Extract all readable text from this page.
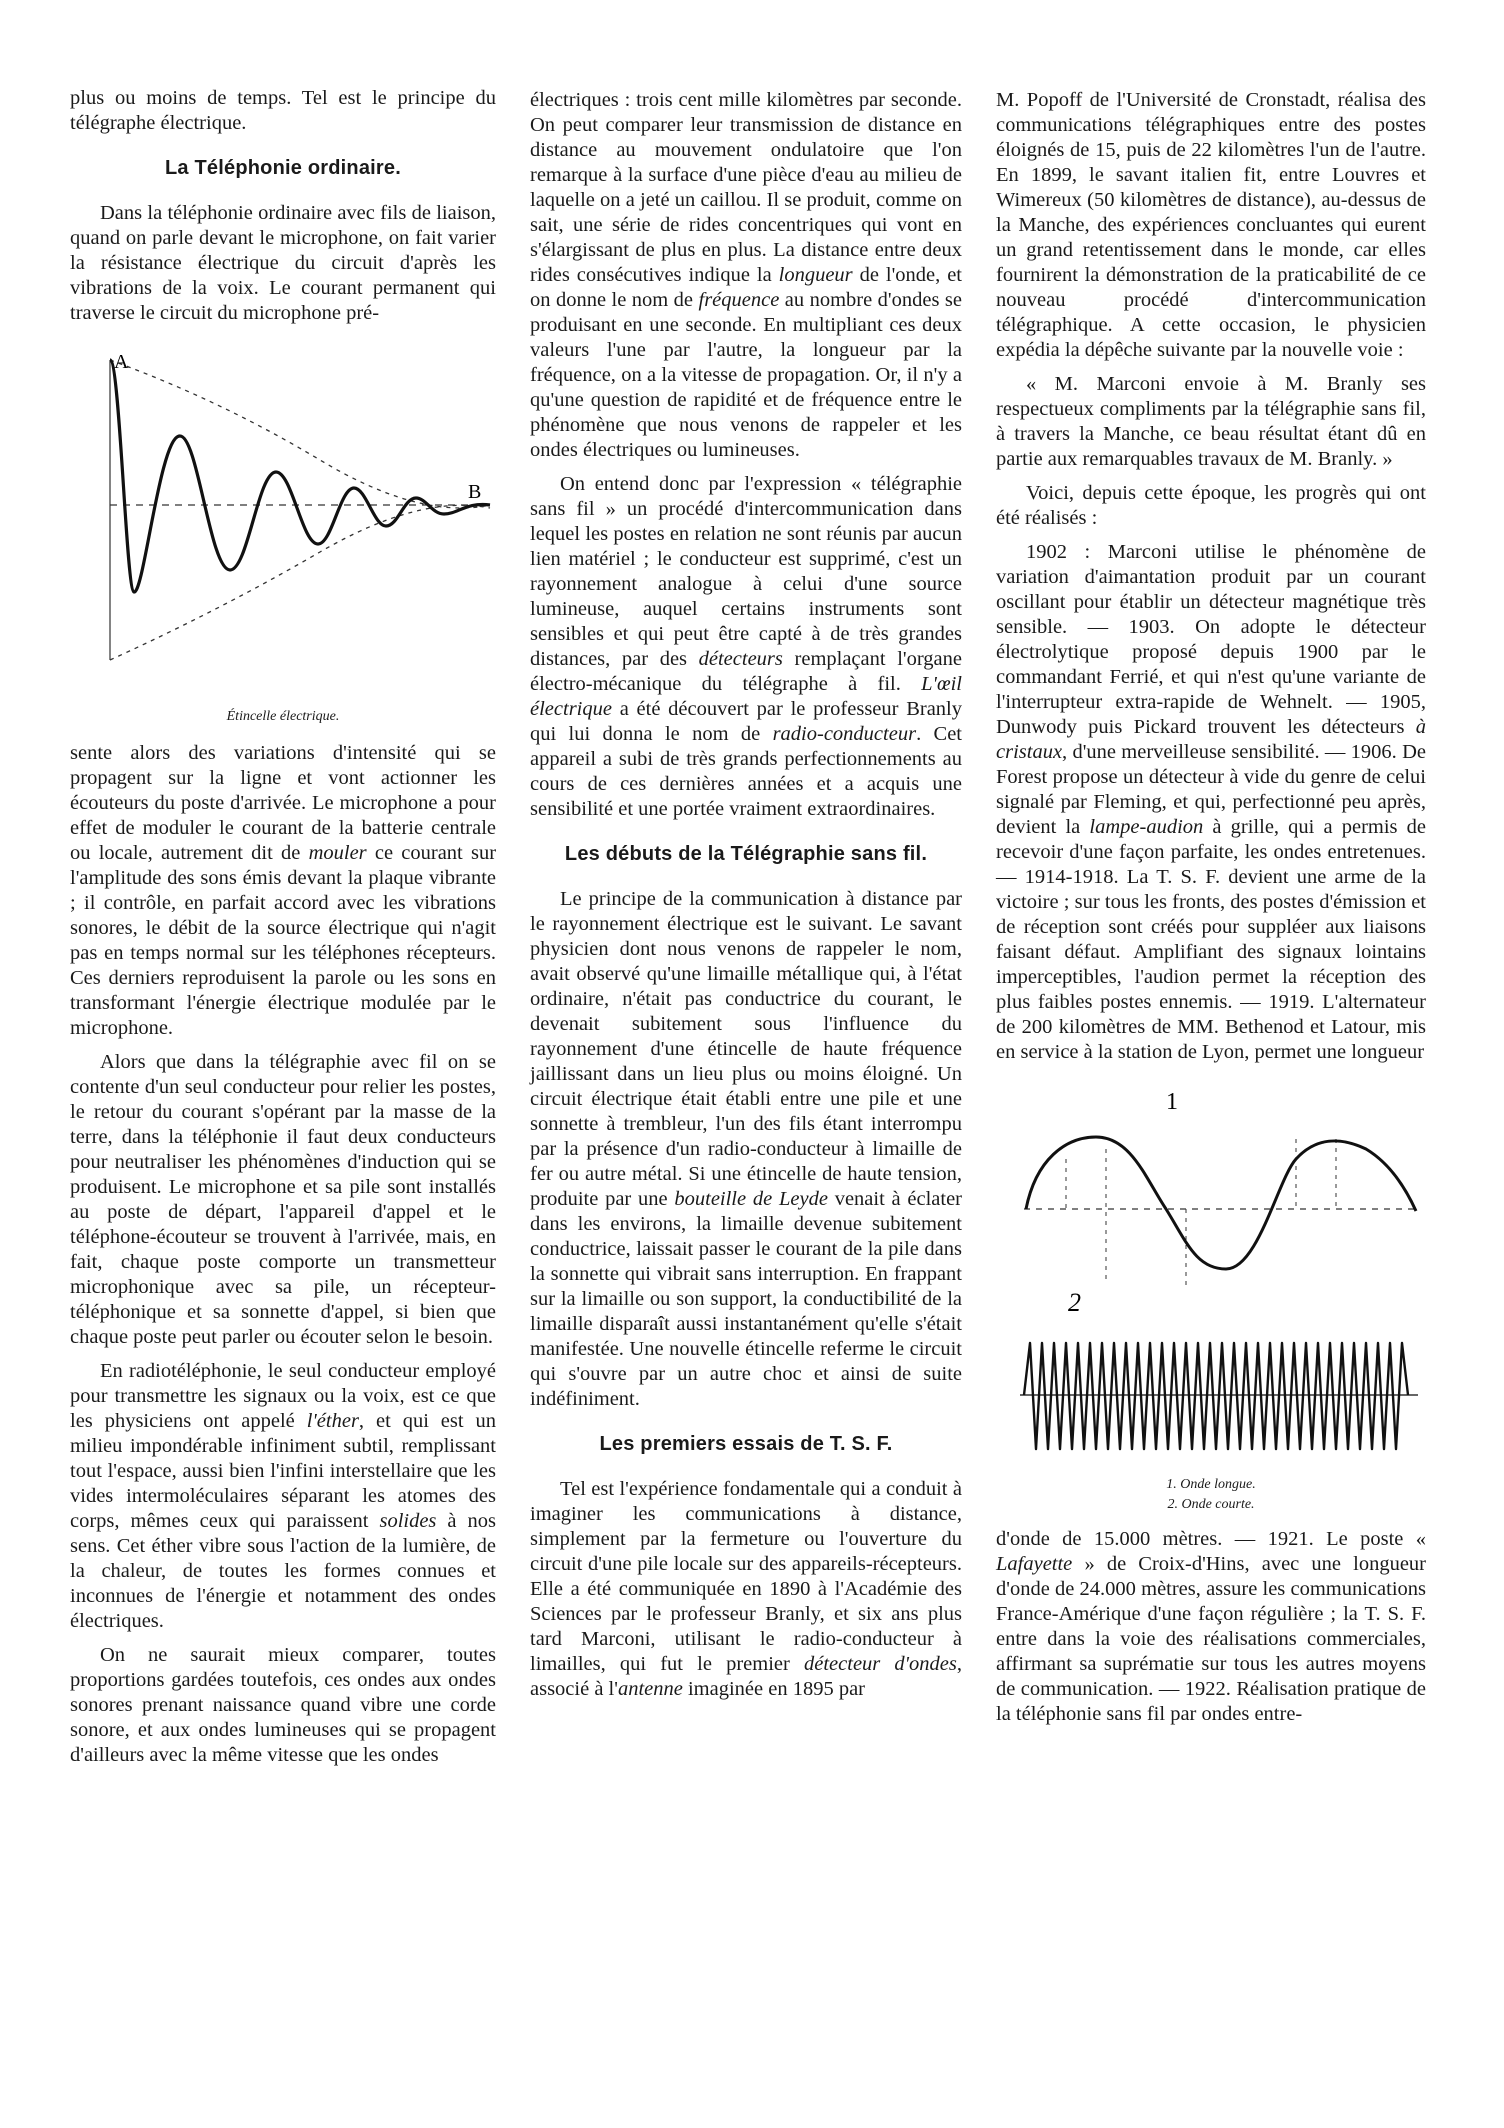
plus ou moins de temps. Tel est le principe du télégraphe électrique.

La Téléphonie ordinaire.

Dans la téléphonie ordinaire avec fils de liaison, quand on parle devant le microphone, on fait varier la résistance électrique du circuit d'après les vibrations de la voix. Le courant permanent qui traverse le circuit du microphone pré-

A
B
Étincelle électrique.

sente alors des variations d'intensité qui se propagent sur la ligne et vont actionner les écouteurs du poste d'arrivée. Le microphone a pour effet de moduler le courant de la batterie centrale ou locale, autrement dit de mouler ce courant sur l'amplitude des sons émis devant la plaque vibrante ; il contrôle, en parfait accord avec les vibrations sonores, le débit de la source électrique qui n'agit pas en temps normal sur les téléphones récepteurs. Ces derniers reproduisent la parole ou les sons en transformant l'énergie électrique modulée par le microphone.

Alors que dans la télégraphie avec fil on se contente d'un seul conducteur pour relier les postes, le retour du courant s'opérant par la masse de la terre, dans la téléphonie il faut deux conducteurs pour neutraliser les phénomènes d'induction qui se produisent. Le microphone et sa pile sont installés au poste de départ, l'appareil d'appel et le téléphone-écouteur se trouvent à l'arrivée, mais, en fait, chaque poste comporte un transmetteur microphonique avec sa pile, un récepteur-téléphonique et sa sonnette d'appel, si bien que chaque poste peut parler ou écouter selon le besoin.

En radiotéléphonie, le seul conducteur employé pour transmettre les signaux ou la voix, est ce que les physiciens ont appelé l'éther, et qui est un milieu impondérable infiniment subtil, remplissant tout l'espace, aussi bien l'infini interstellaire que les vides intermoléculaires séparant les atomes des corps, mêmes ceux qui paraissent solides à nos sens. Cet éther vibre sous l'action de la lumière, de la chaleur, de toutes les formes connues et inconnues de l'énergie et notamment des ondes électriques.

On ne saurait mieux comparer, toutes proportions gardées toutefois, ces ondes aux ondes sonores prenant naissance quand vibre une corde sonore, et aux ondes lumineuses qui se propagent d'ailleurs avec la même vitesse que les ondes

électriques : trois cent mille kilomètres par seconde. On peut comparer leur transmission de distance en distance au mouvement ondulatoire que l'on remarque à la surface d'une pièce d'eau au milieu de laquelle on a jeté un caillou. Il se produit, comme on sait, une série de rides concentriques qui vont en s'élargissant de plus en plus. La distance entre deux rides consécutives indique la longueur de l'onde, et on donne le nom de fréquence au nombre d'ondes se produisant en une seconde. En multipliant ces deux valeurs l'une par l'autre, la longueur par la fréquence, on a la vitesse de propagation. Or, il n'y a qu'une question de rapidité et de fréquence entre le phénomène que nous venons de rappeler et les ondes électriques ou lumineuses.

On entend donc par l'expression « télégraphie sans fil » un procédé d'intercommunication dans lequel les postes en relation ne sont réunis par aucun lien matériel ; le conducteur est supprimé, c'est un rayonnement analogue à celui d'une source lumineuse, auquel certains instruments sont sensibles et qui peut être capté à de très grandes distances, par des détecteurs remplaçant l'organe électro-mécanique du télégraphe à fil. L'œil électrique a été découvert par le professeur Branly qui lui donna le nom de radio-conducteur. Cet appareil a subi de très grands perfectionnements au cours de ces dernières années et a acquis une sensibilité et une portée vraiment extraordinaires.

Les débuts de la Télégraphie sans fil.

Le principe de la communication à distance par le rayonnement électrique est le suivant. Le savant physicien dont nous venons de rappeler le nom, avait observé qu'une limaille métallique qui, à l'état ordinaire, n'était pas conductrice du courant, le devenait subitement sous l'influence du rayonnement d'une étincelle de haute fréquence jaillissant dans un lieu plus ou moins éloigné. Un circuit électrique était établi entre une pile et une sonnette à trembleur, l'un des fils étant interrompu par la présence d'un radio-conducteur à limaille de fer ou autre métal. Si une étincelle de haute tension, produite par une bouteille de Leyde venait à éclater dans les environs, la limaille devenue subitement conductrice, laissait passer le courant de la pile dans la sonnette qui vibrait sans interruption. En frappant sur la limaille ou son support, la conductibilité de la limaille disparaît aussi instantanément qu'elle s'était manifestée. Une nouvelle étincelle referme le circuit qui s'ouvre par un autre choc et ainsi de suite indéfiniment.

Les premiers essais de T. S. F.

Tel est l'expérience fondamentale qui a conduit à imaginer les communications à distance, simplement par la fermeture ou l'ouverture du circuit d'une pile locale sur des appareils-récepteurs. Elle a été communiquée en 1890 à l'Académie des Sciences par le professeur Branly, et six ans plus tard Marconi, utilisant le radio-conducteur à limailles, qui fut le premier détecteur d'ondes, associé à l'antenne imaginée en 1895 par

M. Popoff de l'Université de Cronstadt, réalisa des communications télégraphiques entre des postes éloignés de 15, puis de 22 kilomètres l'un de l'autre. En 1899, le savant italien fit, entre Louvres et Wimereux (50 kilomètres de distance), au-dessus de la Manche, des expériences concluantes qui eurent un grand retentissement dans le monde, car elles fournirent la démonstration de la praticabilité de ce nouveau procédé d'intercommunication télégraphique. A cette occasion, le physicien expédia la dépêche suivante par la nouvelle voie :

« M. Marconi envoie à M. Branly ses respectueux compliments par la télégraphie sans fil, à travers la Manche, ce beau résultat étant dû en partie aux remarquables travaux de M. Branly. »

Voici, depuis cette époque, les progrès qui ont été réalisés :

1902 : Marconi utilise le phénomène de variation d'aimantation produit par un courant oscillant pour établir un détecteur magnétique très sensible. — 1903. On adopte le détecteur électrolytique proposé depuis 1900 par le commandant Ferrié, et qui n'est qu'une variante de l'interrupteur extra-rapide de Wehnelt. — 1905, Dunwody puis Pickard trouvent les détecteurs à cristaux, d'une merveilleuse sensibilité. — 1906. De Forest propose un détecteur à vide du genre de celui signalé par Fleming, et qui, perfectionné peu après, devient la lampe-audion à grille, qui a permis de recevoir d'une façon parfaite, les ondes entretenues. — 1914-1918. La T. S. F. devient une arme de la victoire ; sur tous les fronts, des postes d'émission et de réception sont créés pour suppléer aux liaisons faisant défaut. Amplifiant des signaux lointains imperceptibles, l'audion permet la réception des plus faibles postes ennemis. — 1919. L'alternateur de 200 kilomètres de MM. Bethenod et Latour, mis en service à la station de Lyon, permet une longueur

1
2
1. Onde longue.
2. Onde courte.

d'onde de 15.000 mètres. — 1921. Le poste « Lafayette » de Croix-d'Hins, avec une longueur d'onde de 24.000 mètres, assure les communications France-Amérique d'une façon régulière ; la T. S. F. entre dans la voie des réalisations commerciales, affirmant sa suprématie sur tous les autres moyens de communication. — 1922. Réalisation pratique de la téléphonie sans fil par ondes entre-
